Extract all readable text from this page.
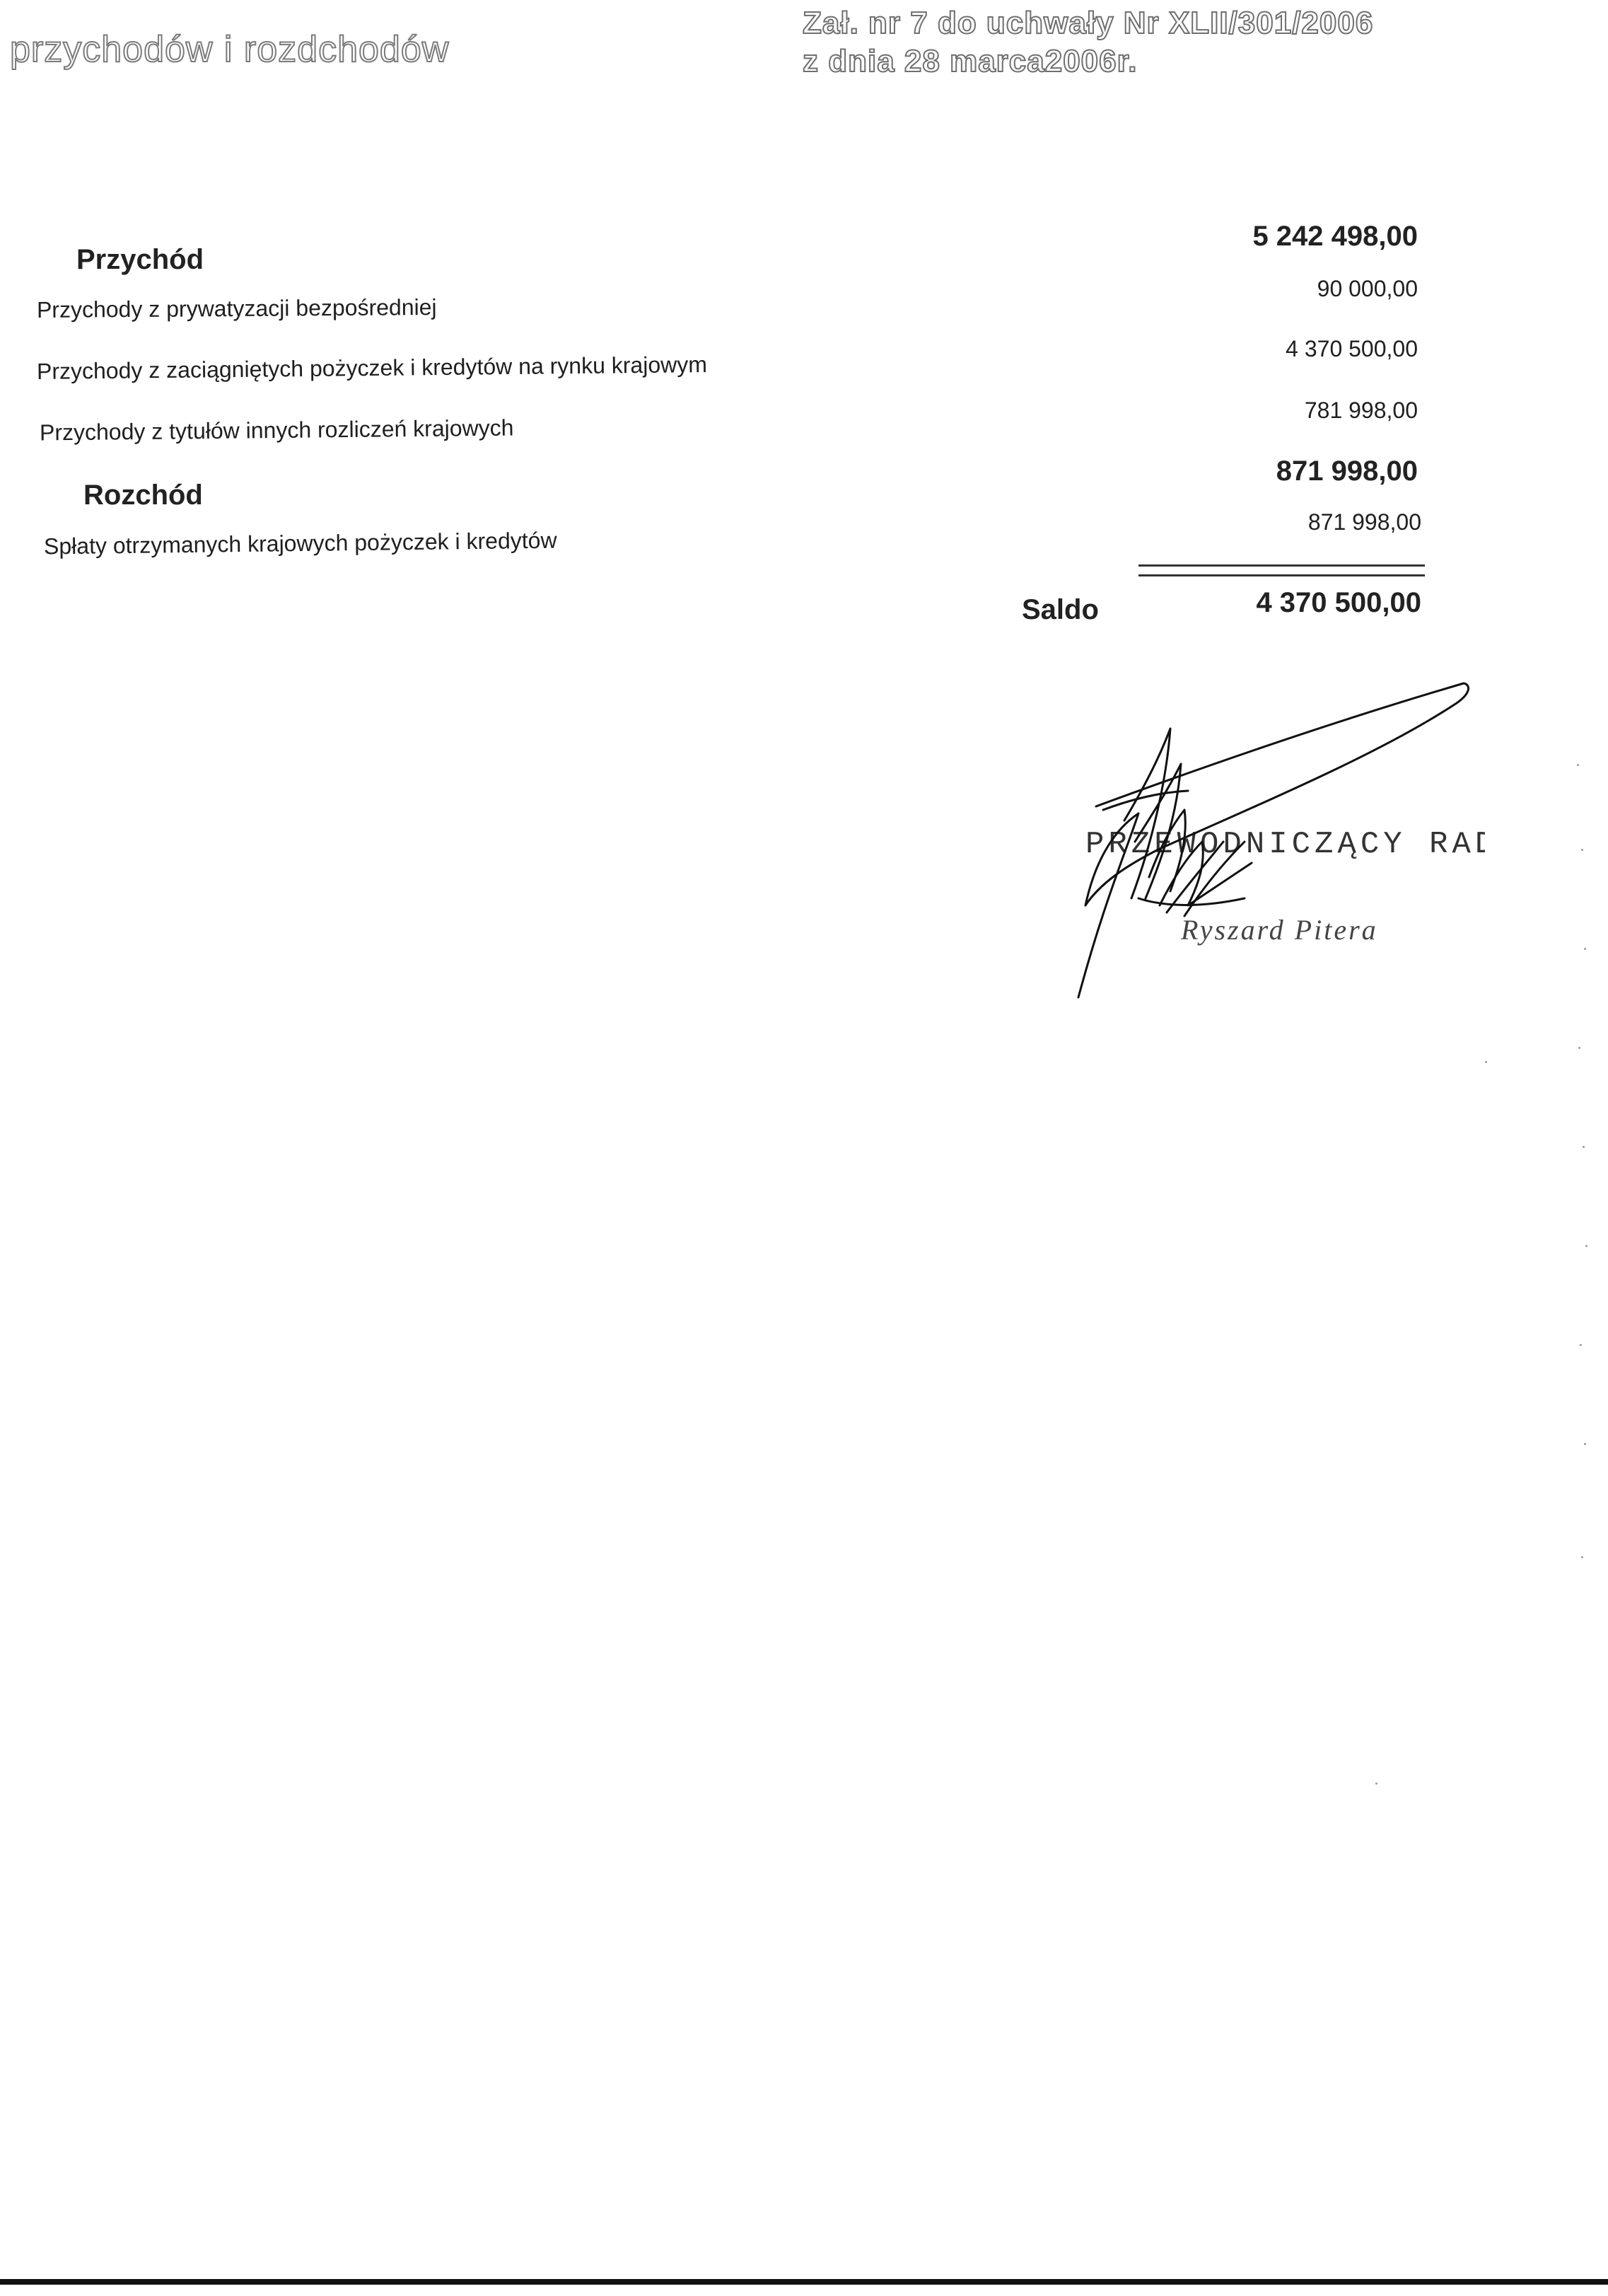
przychodów i rozdchodów
Zał. nr 7 do uchwały Nr XLII/301/2006
z dnia 28 marca2006r.
Przychód
5 242 498,00
Przychody z prywatyzacji bezpośredniej
90 000,00
Przychody z zaciągniętych pożyczek i kredytów na rynku krajowym
4 370 500,00
Przychody z tytułów innych rozliczeń krajowych
781 998,00
Rozchód
871 998,00
Spłaty otrzymanych krajowych pożyczek i kredytów
871 998,00
Saldo	4 370 500,00
PRZEWODNICZĄCY RADY
Ryszard Pitera
